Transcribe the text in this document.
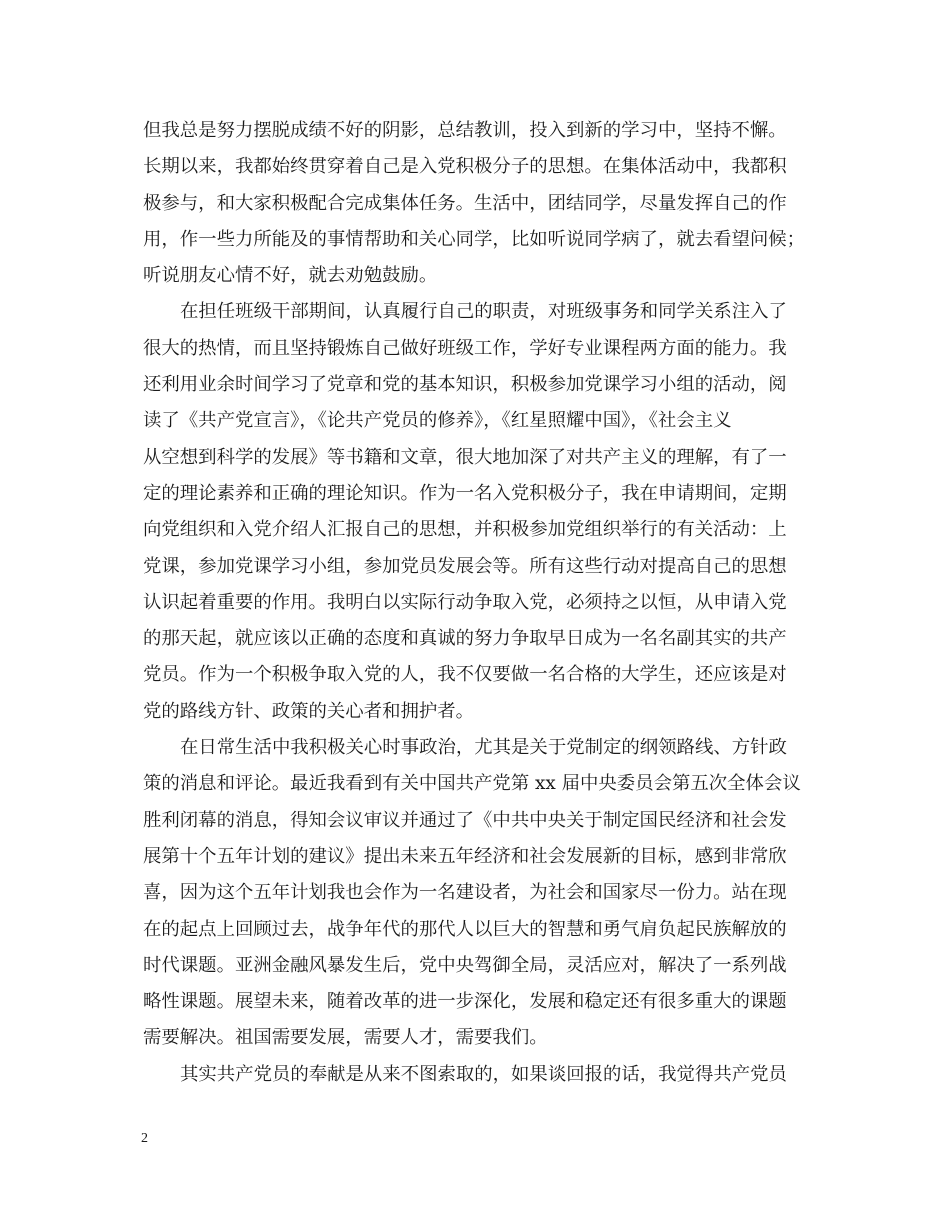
但我总是努力摆脱成绩不好的阴影，总结教训，投入到新的学习中，坚持不懈。
长期以来，我都始终贯穿着自己是入党积极分子的思想。在集体活动中，我都积
极参与，和大家积极配合完成集体任务。生活中，团结同学，尽量发挥自己的作
用，作一些力所能及的事情帮助和关心同学，比如听说同学病了，就去看望问候；
听说朋友心情不好，就去劝勉鼓励。
在担任班级干部期间，认真履行自己的职责，对班级事务和同学关系注入了
很大的热情，而且坚持锻炼自己做好班级工作，学好专业课程两方面的能力。我
还利用业余时间学习了党章和党的基本知识，积极参加党课学习小组的活动，阅
读了《共产党宣言》，《论共产党员的修养》，《红星照耀中国》，《社会主义
从空想到科学的发展》等书籍和文章，很大地加深了对共产主义的理解，有了一
定的理论素养和正确的理论知识。作为一名入党积极分子，我在申请期间，定期
向党组织和入党介绍人汇报自己的思想，并积极参加党组织举行的有关活动：上
党课，参加党课学习小组，参加党员发展会等。所有这些行动对提高自己的思想
认识起着重要的作用。我明白以实际行动争取入党，必须持之以恒，从申请入党
的那天起，就应该以正确的态度和真诚的努力争取早日成为一名名副其实的共产
党员。作为一个积极争取入党的人，我不仅要做一名合格的大学生，还应该是对
党的路线方针、政策的关心者和拥护者。
在日常生活中我积极关心时事政治，尤其是关于党制定的纲领路线、方针政
策的消息和评论。最近我看到有关中国共产党第 xx 届中央委员会第五次全体会议
胜利闭幕的消息，得知会议审议并通过了《中共中央关于制定国民经济和社会发
展第十个五年计划的建议》提出未来五年经济和社会发展新的目标，感到非常欣
喜，因为这个五年计划我也会作为一名建设者，为社会和国家尽一份力。站在现
在的起点上回顾过去，战争年代的那代人以巨大的智慧和勇气肩负起民族解放的
时代课题。亚洲金融风暴发生后，党中央驾御全局，灵活应对，解决了一系列战
略性课题。展望未来，随着改革的进一步深化，发展和稳定还有很多重大的课题
需要解决。祖国需要发展，需要人才，需要我们。
其实共产党员的奉献是从来不图索取的，如果谈回报的话，我觉得共产党员
2
